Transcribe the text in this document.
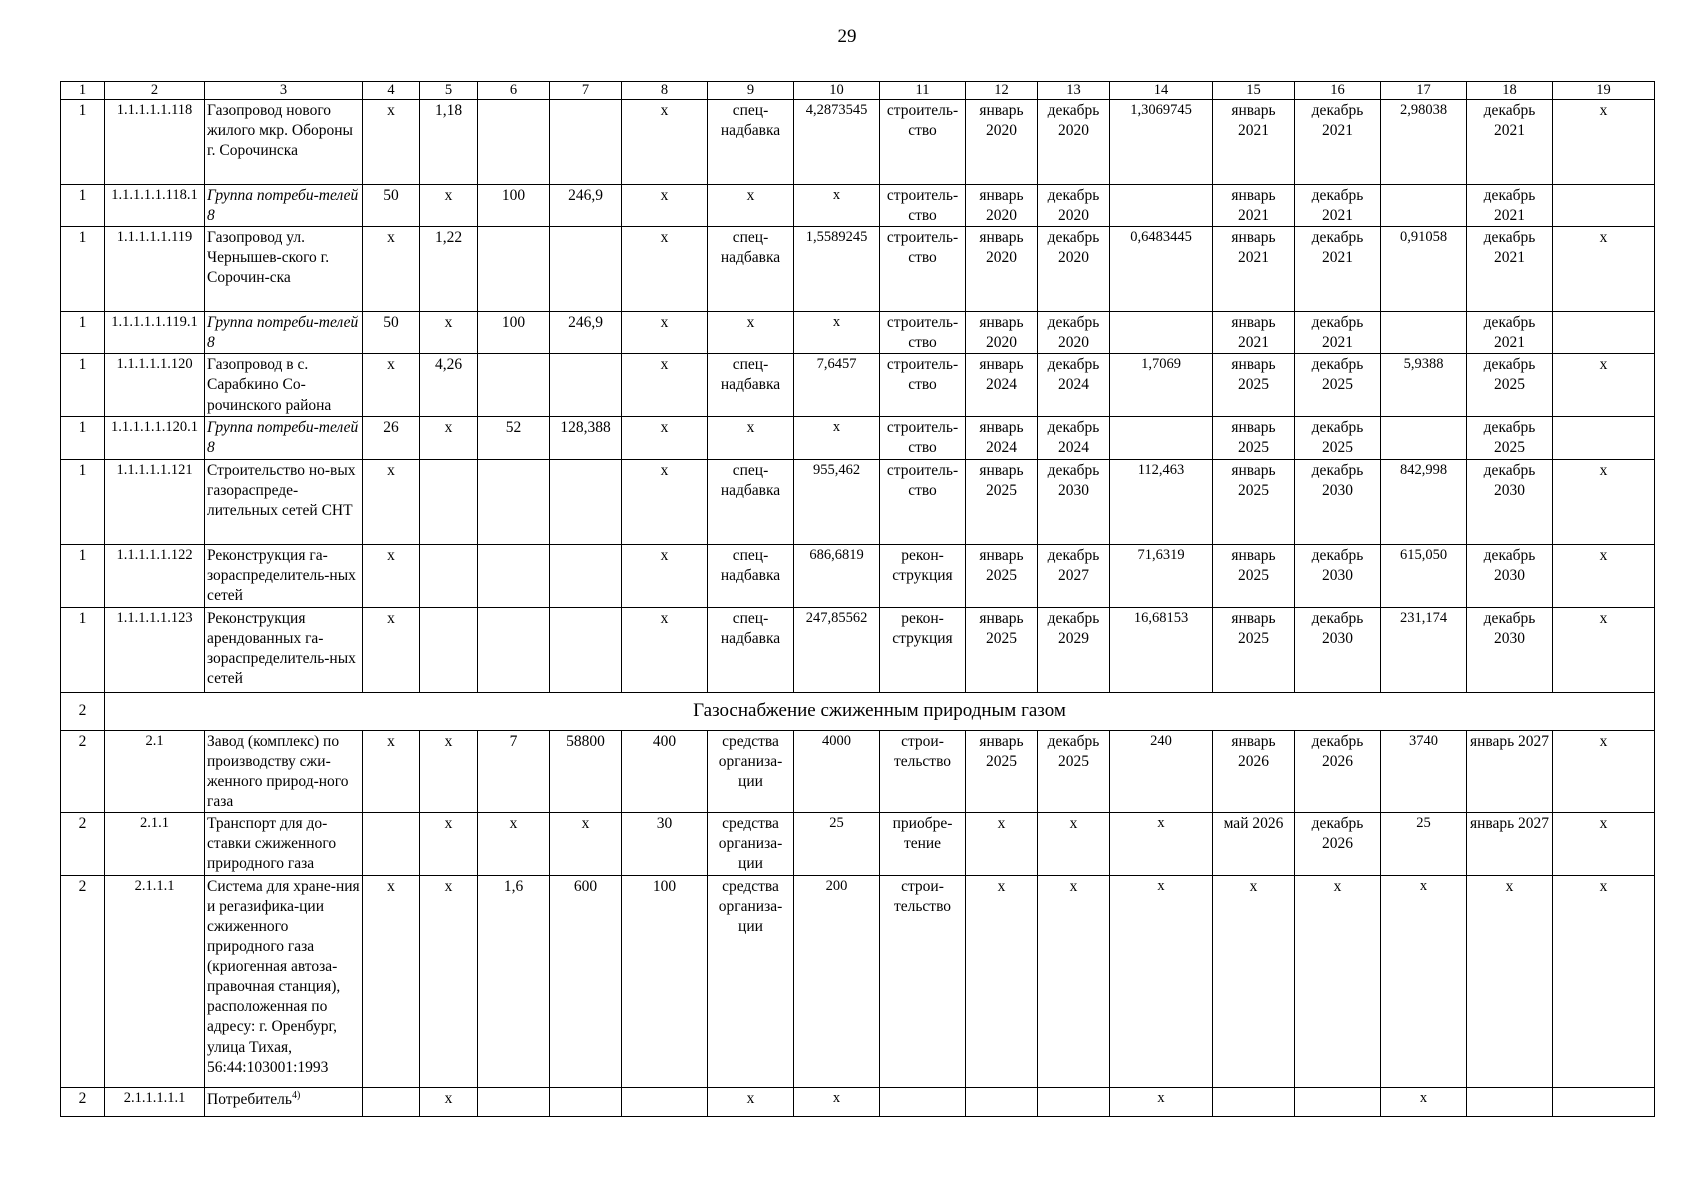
29
1	2	3	4	5	6	7	8	9	10	11	12	13	14	15	16	17	18	19
1	1.1.1.1.1.118	Газопровод нового жилого мкр. Обороны г. Сорочинска	x	1,18			x	спец-надбавка	4,2873545	строитель-ство	январь 2020	декабрь 2020	1,3069745	январь 2021	декабрь 2021	2,98038	декабрь 2021	x
1	1.1.1.1.1.118.1	Группа потреби-телей 8	50	x	100	246,9	x	x	x	строитель-ство	январь 2020	декабрь 2020		январь 2021	декабрь 2021		декабрь 2021	
1	1.1.1.1.1.119	Газопровод ул. Чернышев-ского г. Сорочин-ска	x	1,22			x	спец-надбавка	1,5589245	строитель-ство	январь 2020	декабрь 2020	0,6483445	январь 2021	декабрь 2021	0,91058	декабрь 2021	x
1	1.1.1.1.1.119.1	Группа потреби-телей 8	50	x	100	246,9	x	x	x	строитель-ство	январь 2020	декабрь 2020		январь 2021	декабрь 2021		декабрь 2021	
1	1.1.1.1.1.120	Газопровод в с. Сарабкино Со-рочинского района	x	4,26			x	спец-надбавка	7,6457	строитель-ство	январь 2024	декабрь 2024	1,7069	январь 2025	декабрь 2025	5,9388	декабрь 2025	x
1	1.1.1.1.1.120.1	Группа потреби-телей 8	26	x	52	128,388	x	x	x	строитель-ство	январь 2024	декабрь 2024		январь 2025	декабрь 2025		декабрь 2025	
1	1.1.1.1.1.121	Строительство но-вых газораспреде-лительных сетей СНТ	x				x	спец-надбавка	955,462	строитель-ство	январь 2025	декабрь 2030	112,463	январь 2025	декабрь 2030	842,998	декабрь 2030	x
1	1.1.1.1.1.122	Реконструкция га-зораспределитель-ных сетей	x				x	спец-надбавка	686,6819	рекон-струкция	январь 2025	декабрь 2027	71,6319	январь 2025	декабрь 2030	615,050	декабрь 2030	x
1	1.1.1.1.1.123	Реконструкция арендованных га-зораспределитель-ных сетей	x				x	спец-надбавка	247,85562	рекон-струкция	январь 2025	декабрь 2029	16,68153	январь 2025	декабрь 2030	231,174	декабрь 2030	x
2	Газоснабжение сжиженным природным газом																	
2	2.1	Завод (комплекс) по производству сжи-женного природ-ного газа	x	x	7	58800	400	средства организа-ции	4000	строи-тельство	январь 2025	декабрь 2025	240	январь 2026	декабрь 2026	3740	январь 2027	x
2	2.1.1	Транспорт для до-ставки сжиженного природного газа		x	x	x	30	средства организа-ции	25	приобре-тение	x	x	x	май 2026	декабрь 2026	25	январь 2027	x
2	2.1.1.1	Система для хране-ния и регазифика-ции сжиженного природного газа (криогенная автоза-правочная станция), расположенная по адресу: г. Оренбург, улица Тихая, 56:44:103001:1993	x	x	1,6	600	100	средства организа-ции	200	строи-тельство	x	x	x	x	x	x	x	x
2	2.1.1.1.1.1	Потребитель$^{4)}$		x				x	x				x			x		
